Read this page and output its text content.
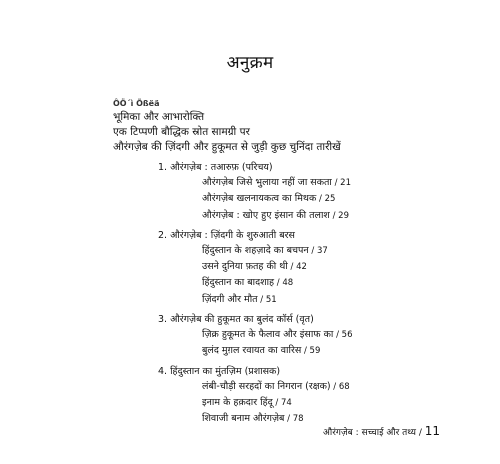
अनुक्रम
ÔÖ´ì Õßëä
भूमिका और आभारोक्ति
एक टिप्पणी बौद्धिक स्रोत सामग्री पर
औरंगज़ेब की ज़िंदगी और हुकूमत से जुड़ी कुछ चुनिंदा तारीखें
1. औरंगज़ेब : तआरुफ़ (परिचय)
औरंगज़ेब जिसे भुलाया नहीं जा सकता / 21
औरंगज़ेब खलनायकत्व का मिथक / 25
औरंगज़ेब : खोए हुए इंसान की तलाश / 29
2. औरंगज़ेब : ज़िंदगी के शुरुआती बरस
हिंदुस्तान के शहज़ादे का बचपन / 37
उसने दुनिया फ़तह की थी / 42
हिंदुस्तान का बादशाह / 48
ज़िंदगी और मौत / 51
3. औरंगज़ेब की हुकूमत का बुलंद कॉर्स (वृत)
ज़िक्र हुकूमत के फैलाव और इंसाफ का / 56
बुलंद मुग़ल रवायत का वारिस / 59
4. हिंदुस्तान का मुंतज़िम (प्रशासक)
लंबी-चौड़ी सरहदों का निगरान (रक्षक) / 68
इनाम के हक़दार हिंदू / 74
शिवाजी बनाम औरंगज़ेब / 78
औरंगज़ेब : सच्चाई और तथ्य / 11
